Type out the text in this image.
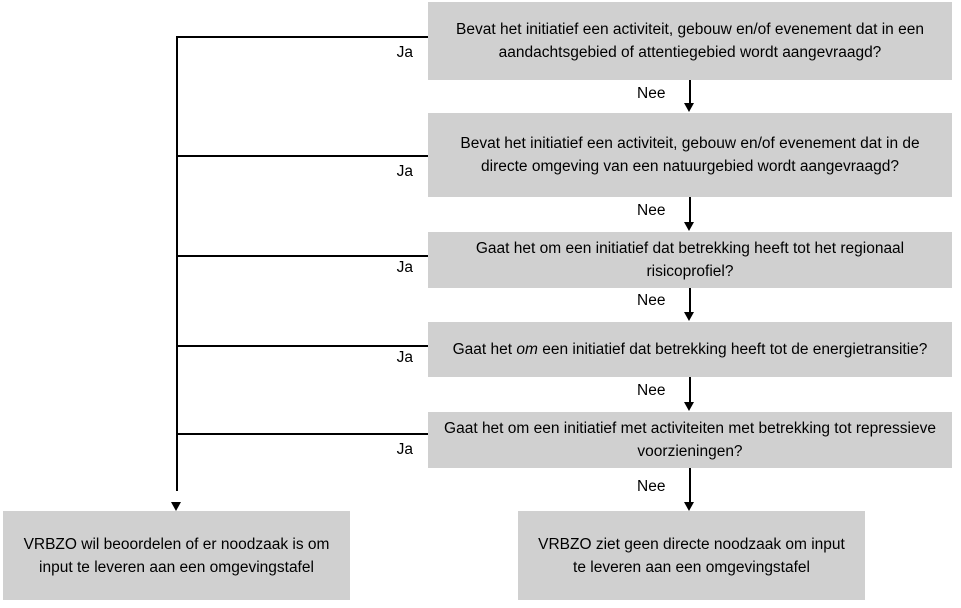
Bevat het initiatief een activiteit, gebouw en/of evenement dat in een aandachtsgebied of attentiegebied wordt aangevraagd?
Bevat het initiatief een activiteit, gebouw en/of evenement dat in de directe omgeving van een natuurgebied wordt aangevraagd?
Gaat het om een initiatief dat betrekking heeft tot het regionaal risicoprofiel?
Gaat het om een initiatief dat betrekking heeft tot de energietransitie?
Gaat het om een initiatief met activiteiten met betrekking tot repressieve voorzieningen?
VRBZO wil beoordelen of er noodzaak is om input te leveren aan een omgevingstafel
VRBZO ziet geen directe noodzaak om input te leveren aan een omgevingstafel
Ja
Ja
Ja
Ja
Ja
Nee
Nee
Nee
Nee
Nee
